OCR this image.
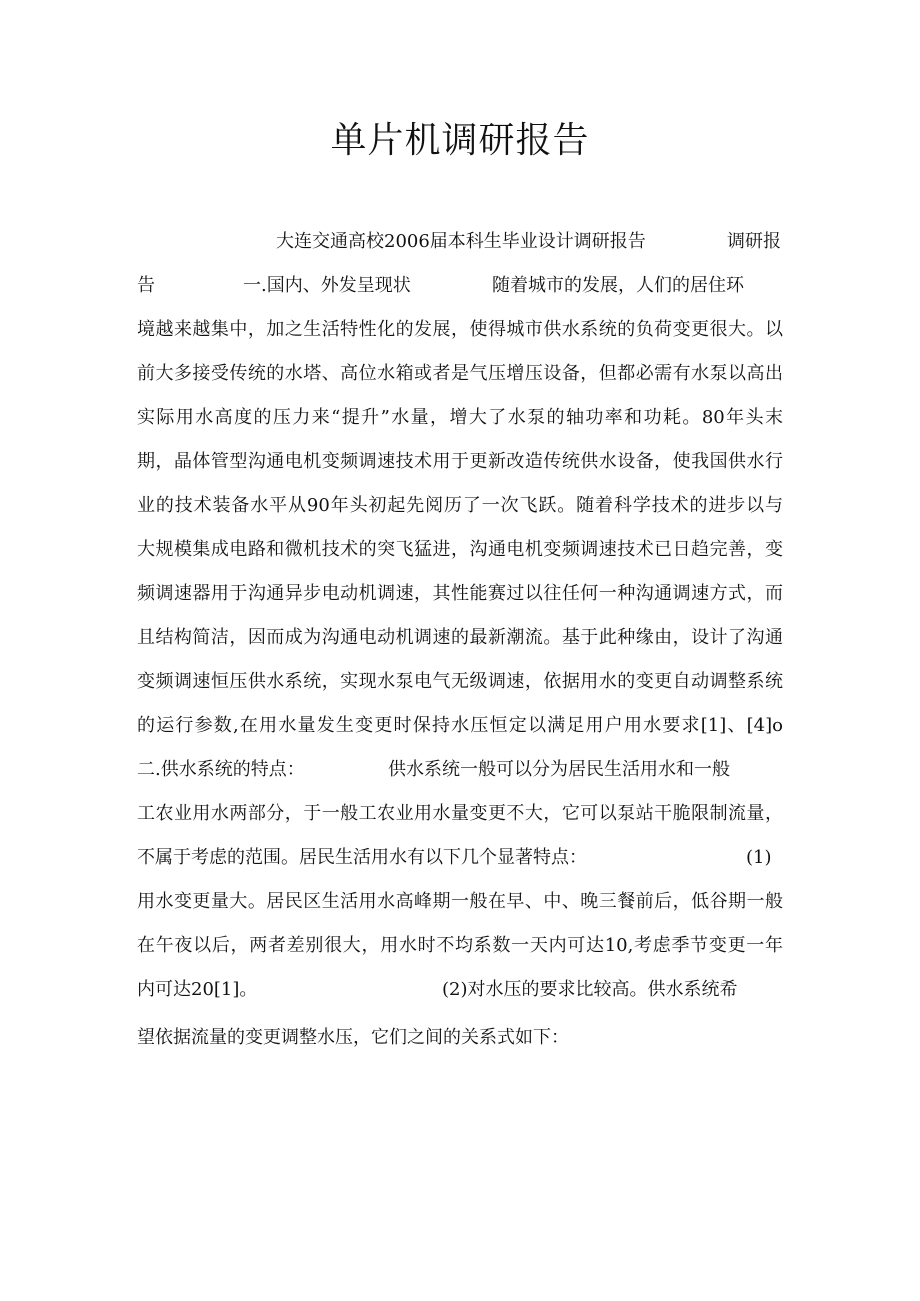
单片机调研报告
大连交通高校2006届本科生毕业设计调研报告	调研报
告	一.国内、外发呈现状	随着城市的发展，人们的居住环
境越来越集中，加之生活特性化的发展，使得城市供水系统的负荷变更很大。以
前大多接受传统的水塔、高位水箱或者是气压增压设备，但都必需有水泵以高出
实际用水高度的压力来“提升”水量，增大了水泵的轴功率和功耗。80年头末
期，晶体管型沟通电机变频调速技术用于更新改造传统供水设备，使我国供水行
业的技术装备水平从90年头初起先阅历了一次飞跃。随着科学技术的进步以与
大规模集成电路和微机技术的突飞猛进，沟通电机变频调速技术已日趋完善，变
频调速器用于沟通异步电动机调速，其性能赛过以往任何一种沟通调速方式，而
且结构简洁，因而成为沟通电动机调速的最新潮流。基于此种缘由，设计了沟通
变频调速恒压供水系统，实现水泵电气无级调速，依据用水的变更自动调整系统
的运行参数,在用水量发生变更时保持水压恒定以满足用户用水要求[1]、[4]o
二.供水系统的特点：	供水系统一般可以分为居民生活用水和一般
工农业用水两部分，于一般工农业用水量变更不大，它可以泵站干脆限制流量，
不属于考虑的范围。居民生活用水有以下几个显著特点：	(1)
用水变更量大。居民区生活用水高峰期一般在早、中、晚三餐前后，低谷期一般
在午夜以后，两者差别很大，用水时不均系数一天内可达10,考虑季节变更一年
内可达20[1]。	(2)对水压的要求比较高。供水系统希
望依据流量的变更调整水压，它们之间的关系式如下：
